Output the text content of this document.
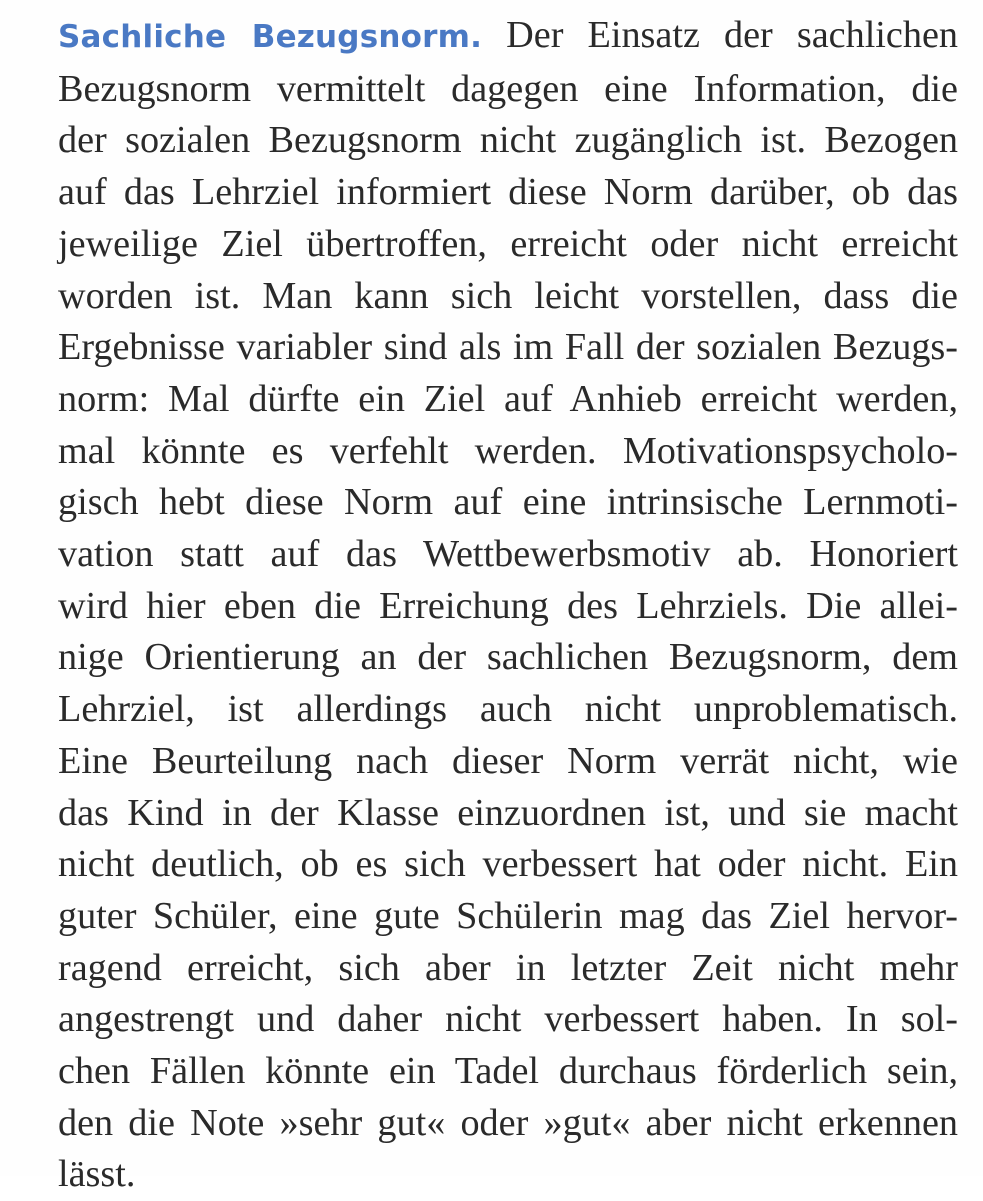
Sachliche Bezugsnorm. Der Einsatz der sachlichen
Bezugsnorm vermittelt dagegen eine Information, die
der sozialen Bezugsnorm nicht zugänglich ist. Bezogen
auf das Lehrziel informiert diese Norm darüber, ob das
jeweilige Ziel übertroffen, erreicht oder nicht erreicht
worden ist. Man kann sich leicht vorstellen, dass die
Ergebnisse variabler sind als im Fall der sozialen Bezugs-
norm: Mal dürfte ein Ziel auf Anhieb erreicht werden,
mal könnte es verfehlt werden. Motivationspsycholo-
gisch hebt diese Norm auf eine intrinsische Lernmoti-
vation statt auf das Wettbewerbsmotiv ab. Honoriert
wird hier eben die Erreichung des Lehrziels. Die allei-
nige Orientierung an der sachlichen Bezugsnorm, dem
Lehrziel, ist allerdings auch nicht unproblematisch.
Eine Beurteilung nach dieser Norm verrät nicht, wie
das Kind in der Klasse einzuordnen ist, und sie macht
nicht deutlich, ob es sich verbessert hat oder nicht. Ein
guter Schüler, eine gute Schülerin mag das Ziel hervor-
ragend erreicht, sich aber in letzter Zeit nicht mehr
angestrengt und daher nicht verbessert haben. In sol-
chen Fällen könnte ein Tadel durchaus förderlich sein,
den die Note »sehr gut« oder »gut« aber nicht erkennen
lässt.
